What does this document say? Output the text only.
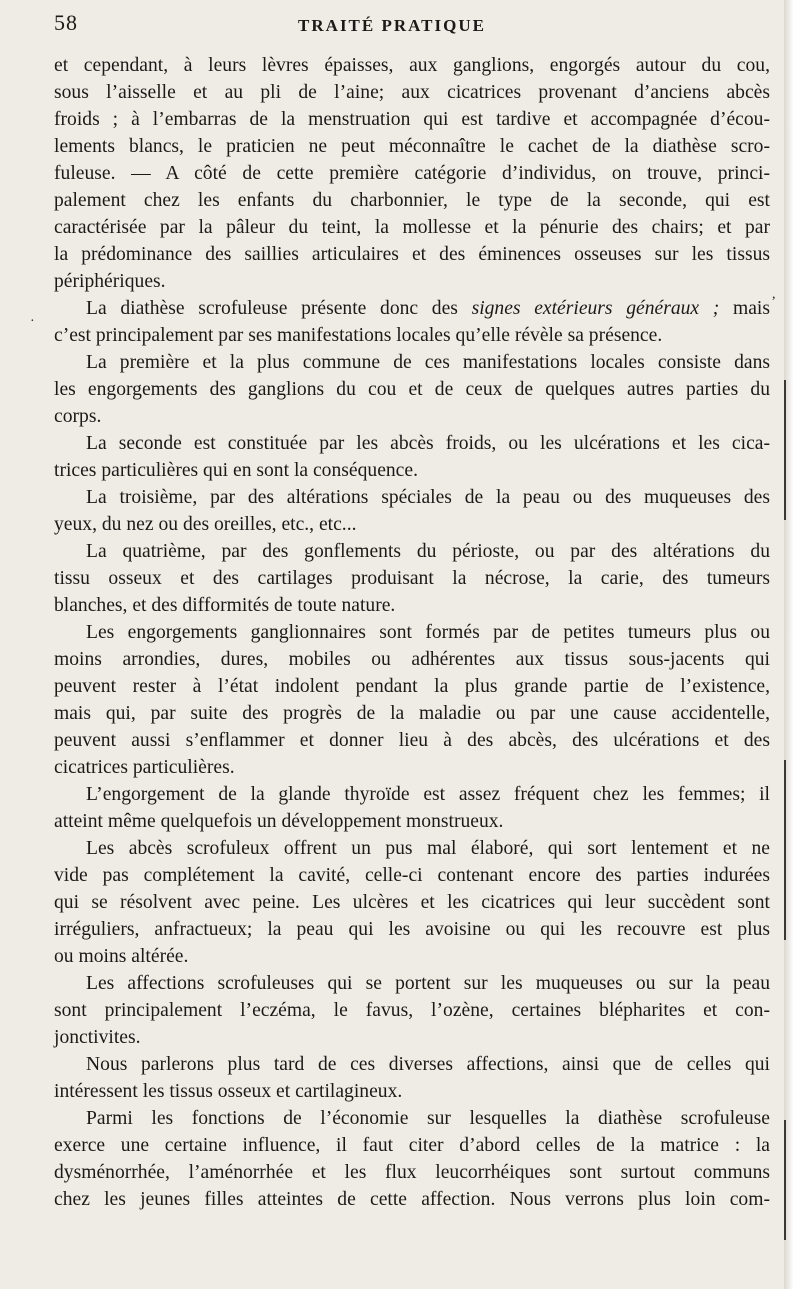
58	TRAITÉ PRATIQUE
·
,
et cependant, à leurs lèvres épaisses, aux ganglions, engorgés autour du cou,
sous l’aisselle et au pli de l’aine; aux cicatrices provenant d’anciens abcès
froids ; à l’embarras de la menstruation qui est tardive et accompagnée d’écou-
lements blancs, le praticien ne peut méconnaître le cachet de la diathèse scro-
fuleuse. — A côté de cette première catégorie d’individus, on trouve, princi-
palement chez les enfants du charbonnier, le type de la seconde, qui est
caractérisée par la pâleur du teint, la mollesse et la pénurie des chairs; et par
la prédominance des saillies articulaires et des éminences osseuses sur les tissus
périphériques.
La diathèse scrofuleuse présente donc des signes extérieurs généraux ; mais
c’est principalement par ses manifestations locales qu’elle révèle sa présence.
La première et la plus commune de ces manifestations locales consiste dans
les engorgements des ganglions du cou et de ceux de quelques autres parties du
corps.
La seconde est constituée par les abcès froids, ou les ulcérations et les cica-
trices particulières qui en sont la conséquence.
La troisième, par des altérations spéciales de la peau ou des muqueuses des
yeux, du nez ou des oreilles, etc., etc...
La quatrième, par des gonflements du périoste, ou par des altérations du
tissu osseux et des cartilages produisant la nécrose, la carie, des tumeurs
blanches, et des difformités de toute nature.
Les engorgements ganglionnaires sont formés par de petites tumeurs plus ou
moins arrondies, dures, mobiles ou adhérentes aux tissus sous-jacents qui
peuvent rester à l’état indolent pendant la plus grande partie de l’existence,
mais qui, par suite des progrès de la maladie ou par une cause accidentelle,
peuvent aussi s’enflammer et donner lieu à des abcès, des ulcérations et des
cicatrices particulières.
L’engorgement de la glande thyroïde est assez fréquent chez les femmes; il
atteint même quelquefois un développement monstrueux.
Les abcès scrofuleux offrent un pus mal élaboré, qui sort lentement et ne
vide pas complétement la cavité, celle-ci contenant encore des parties indurées
qui se résolvent avec peine. Les ulcères et les cicatrices qui leur succèdent sont
irréguliers, anfractueux; la peau qui les avoisine ou qui les recouvre est plus
ou moins altérée.
Les affections scrofuleuses qui se portent sur les muqueuses ou sur la peau
sont principalement l’eczéma, le favus, l’ozène, certaines blépharites et con-
jonctivites.
Nous parlerons plus tard de ces diverses affections, ainsi que de celles qui
intéressent les tissus osseux et cartilagineux.
Parmi les fonctions de l’économie sur lesquelles la diathèse scrofuleuse
exerce une certaine influence, il faut citer d’abord celles de la matrice : la
dysménorrhée, l’aménorrhée et les flux leucorrhéiques sont surtout communs
chez les jeunes filles atteintes de cette affection. Nous verrons plus loin com-
